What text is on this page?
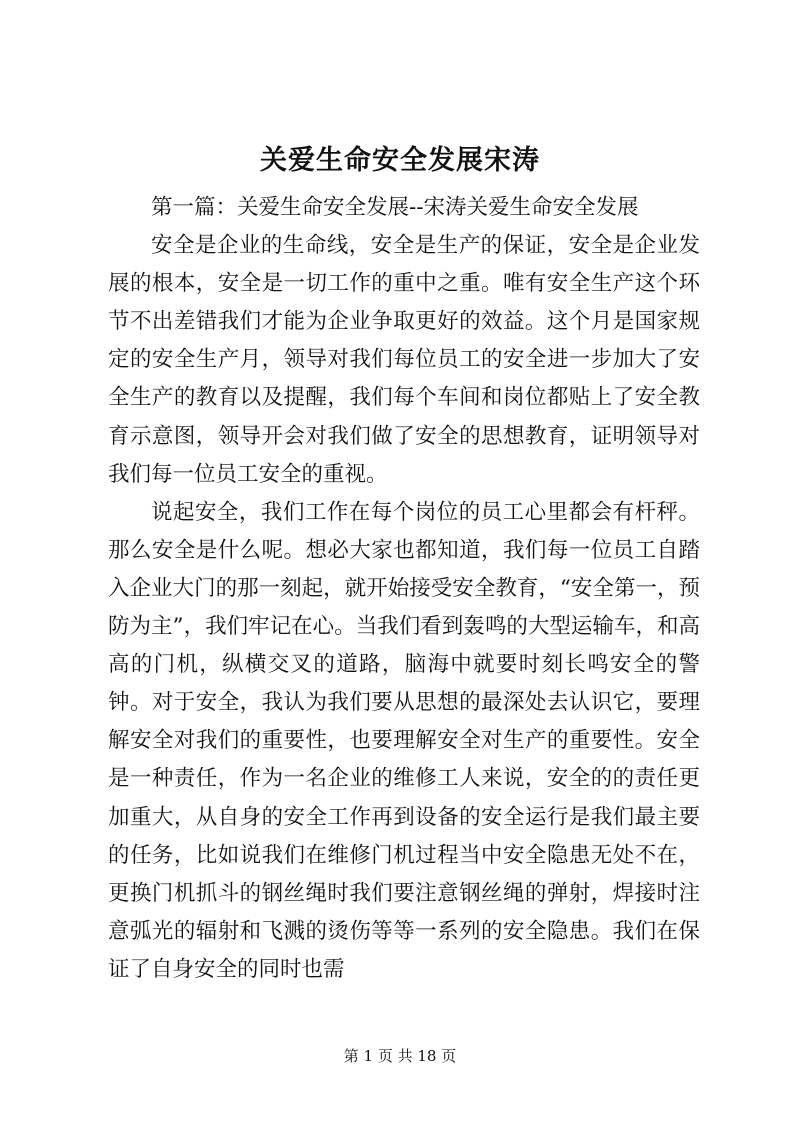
关爱生命安全发展宋涛

第一篇：关爱生命安全发展--宋涛关爱生命安全发展

安全是企业的生命线，安全是生产的保证，安全是企业发展的根本，安全是一切工作的重中之重。唯有安全生产这个环节不出差错我们才能为企业争取更好的效益。这个月是国家规定的安全生产月，领导对我们每位员工的安全进一步加大了安全生产的教育以及提醒，我们每个车间和岗位都贴上了安全教育示意图，领导开会对我们做了安全的思想教育，证明领导对我们每一位员工安全的重视。

说起安全，我们工作在每个岗位的员工心里都会有杆秤。那么安全是什么呢。想必大家也都知道，我们每一位员工自踏入企业大门的那一刻起，就开始接受安全教育，“安全第一，预防为主”，我们牢记在心。当我们看到轰鸣的大型运输车，和高高的门机，纵横交叉的道路，脑海中就要时刻长鸣安全的警钟。对于安全，我认为我们要从思想的最深处去认识它，要理解安全对我们的重要性，也要理解安全对生产的重要性。安全是一种责任，作为一名企业的维修工人来说，安全的的责任更加重大，从自身的安全工作再到设备的安全运行是我们最主要的任务，比如说我们在维修门机过程当中安全隐患无处不在，更换门机抓斗的钢丝绳时我们要注意钢丝绳的弹射，焊接时注意弧光的辐射和飞溅的烫伤等等一系列的安全隐患。我们在保证了自身安全的同时也需

第 1 页 共 18 页
